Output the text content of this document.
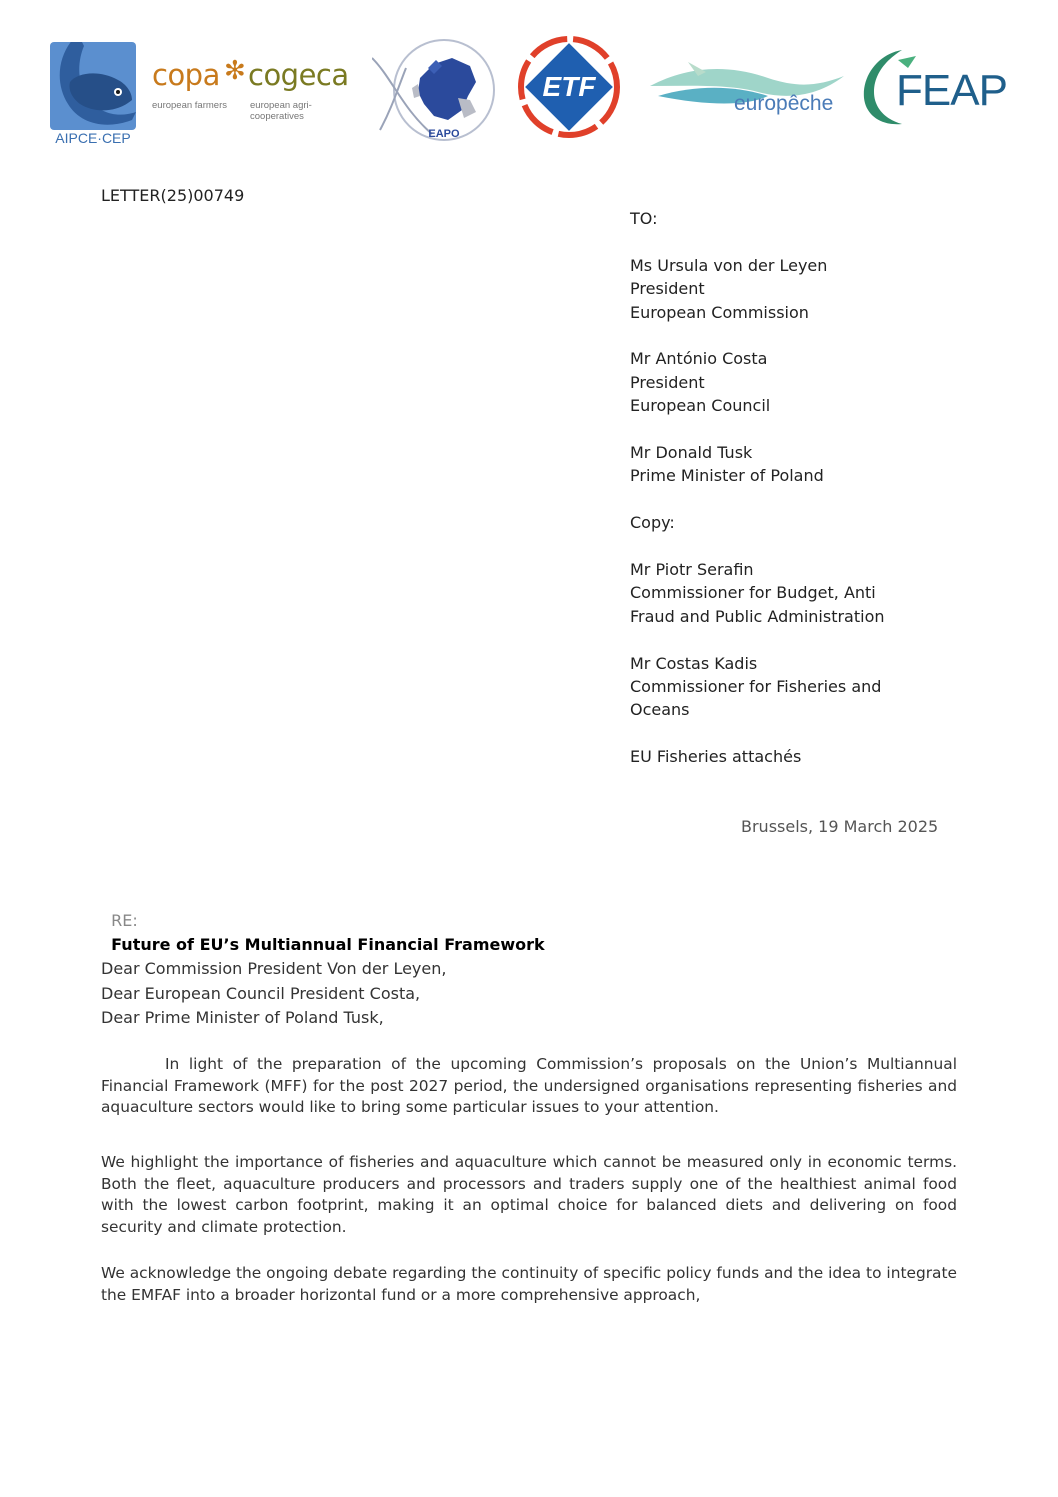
AIPCE·CEP
copa ✻ cogeca
european farmers european agri-cooperatives
EAPO
ETF
europêche FEAP
LETTER(25)00749
TO:
Ms Ursula von der Leyen
President
European Commission
Mr António Costa
President
European Council
Mr Donald Tusk
Prime Minister of Poland
Copy:
Mr Piotr Serafin
Commissioner for Budget, Anti
Fraud and Public Administration
Mr Costas Kadis
Commissioner for Fisheries and
Oceans
EU Fisheries attachés
Brussels, 19 March 2025

RE:
Future of EU’s Multiannual Financial Framework

Dear Commission President Von der Leyen,
Dear European Council President Costa,
Dear Prime Minister of Poland Tusk,
In light of the preparation of the upcoming Commission’s proposals on the Union’s Multiannual Financial Framework (MFF) for the post 2027 period, the undersigned organisations representing fisheries and aquaculture sectors would like to bring some particular issues to your attention.
We highlight the importance of fisheries and aquaculture which cannot be measured only in economic terms. Both the fleet, aquaculture producers and processors and traders supply one of the healthiest animal food with the lowest carbon footprint, making it an optimal choice for balanced diets and delivering on food security and climate protection.
We acknowledge the ongoing debate regarding the continuity of specific policy funds and the idea to integrate the EMFAF into a broader horizontal fund or a more comprehensive approach,
